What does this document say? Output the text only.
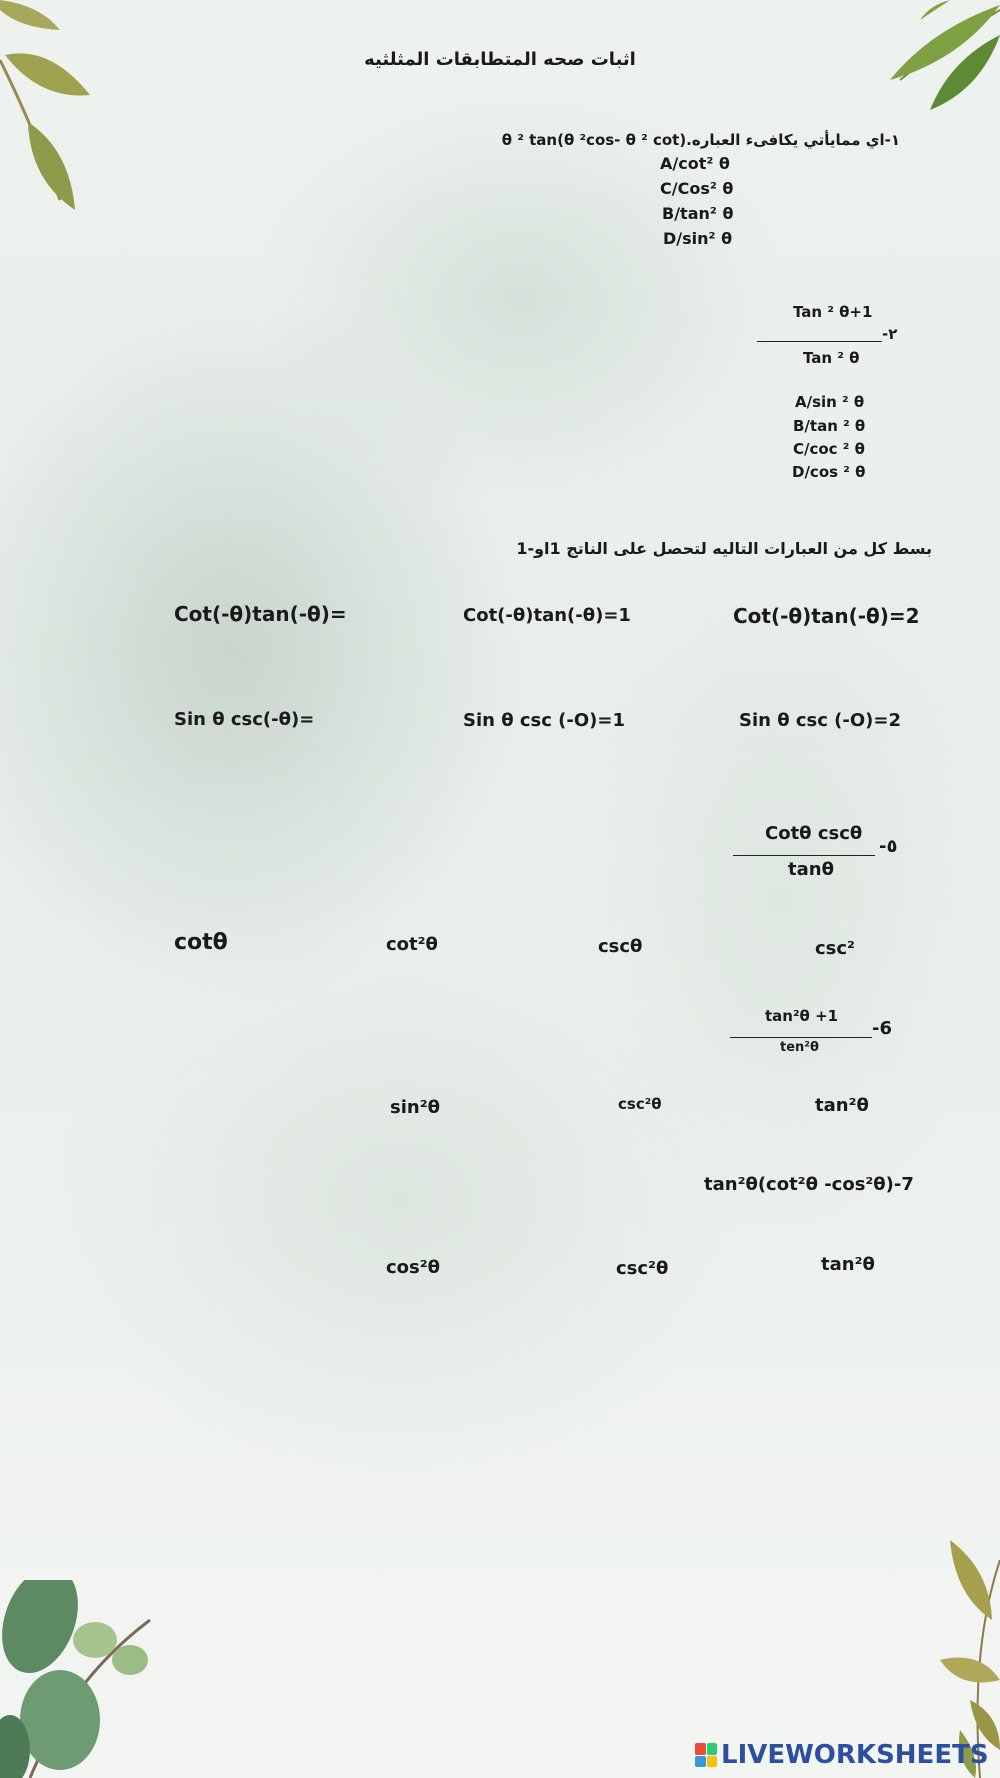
اثبات صحه المتطابقات المثلثيه
١-اي ممايأتي يكافىء العباره.(θ ²cos- θ ² cot)θ ² tan
A/cot² θ
C/Cos² θ
B/tan² θ
D/sin² θ
Tan ² θ+1
-٢
Tan ² θ
A/sin ² θ
B/tan ² θ
C/coc ² θ
D/cos ² θ
بسط كل من العبارات التاليه لتحصل على الناتج 1او-1
Cot(-θ)tan(-θ)=	Cot(-θ)tan(-θ)=1	Cot(-θ)tan(-θ)=2
Sin θ csc(-θ)=	Sin θ csc (-O)=1	Sin θ csc (-O)=2
Cotθ cscθ
-٥
tanθ
cotθ	cot²θ	cscθ	csc²
tan²θ +1
-6
ten²θ
sin²θ	csc²θ	tan²θ
tan²θ(cot²θ -cos²θ)-7
cos²θ	csc²θ	tan²θ
LIVEWORKSHEETS
